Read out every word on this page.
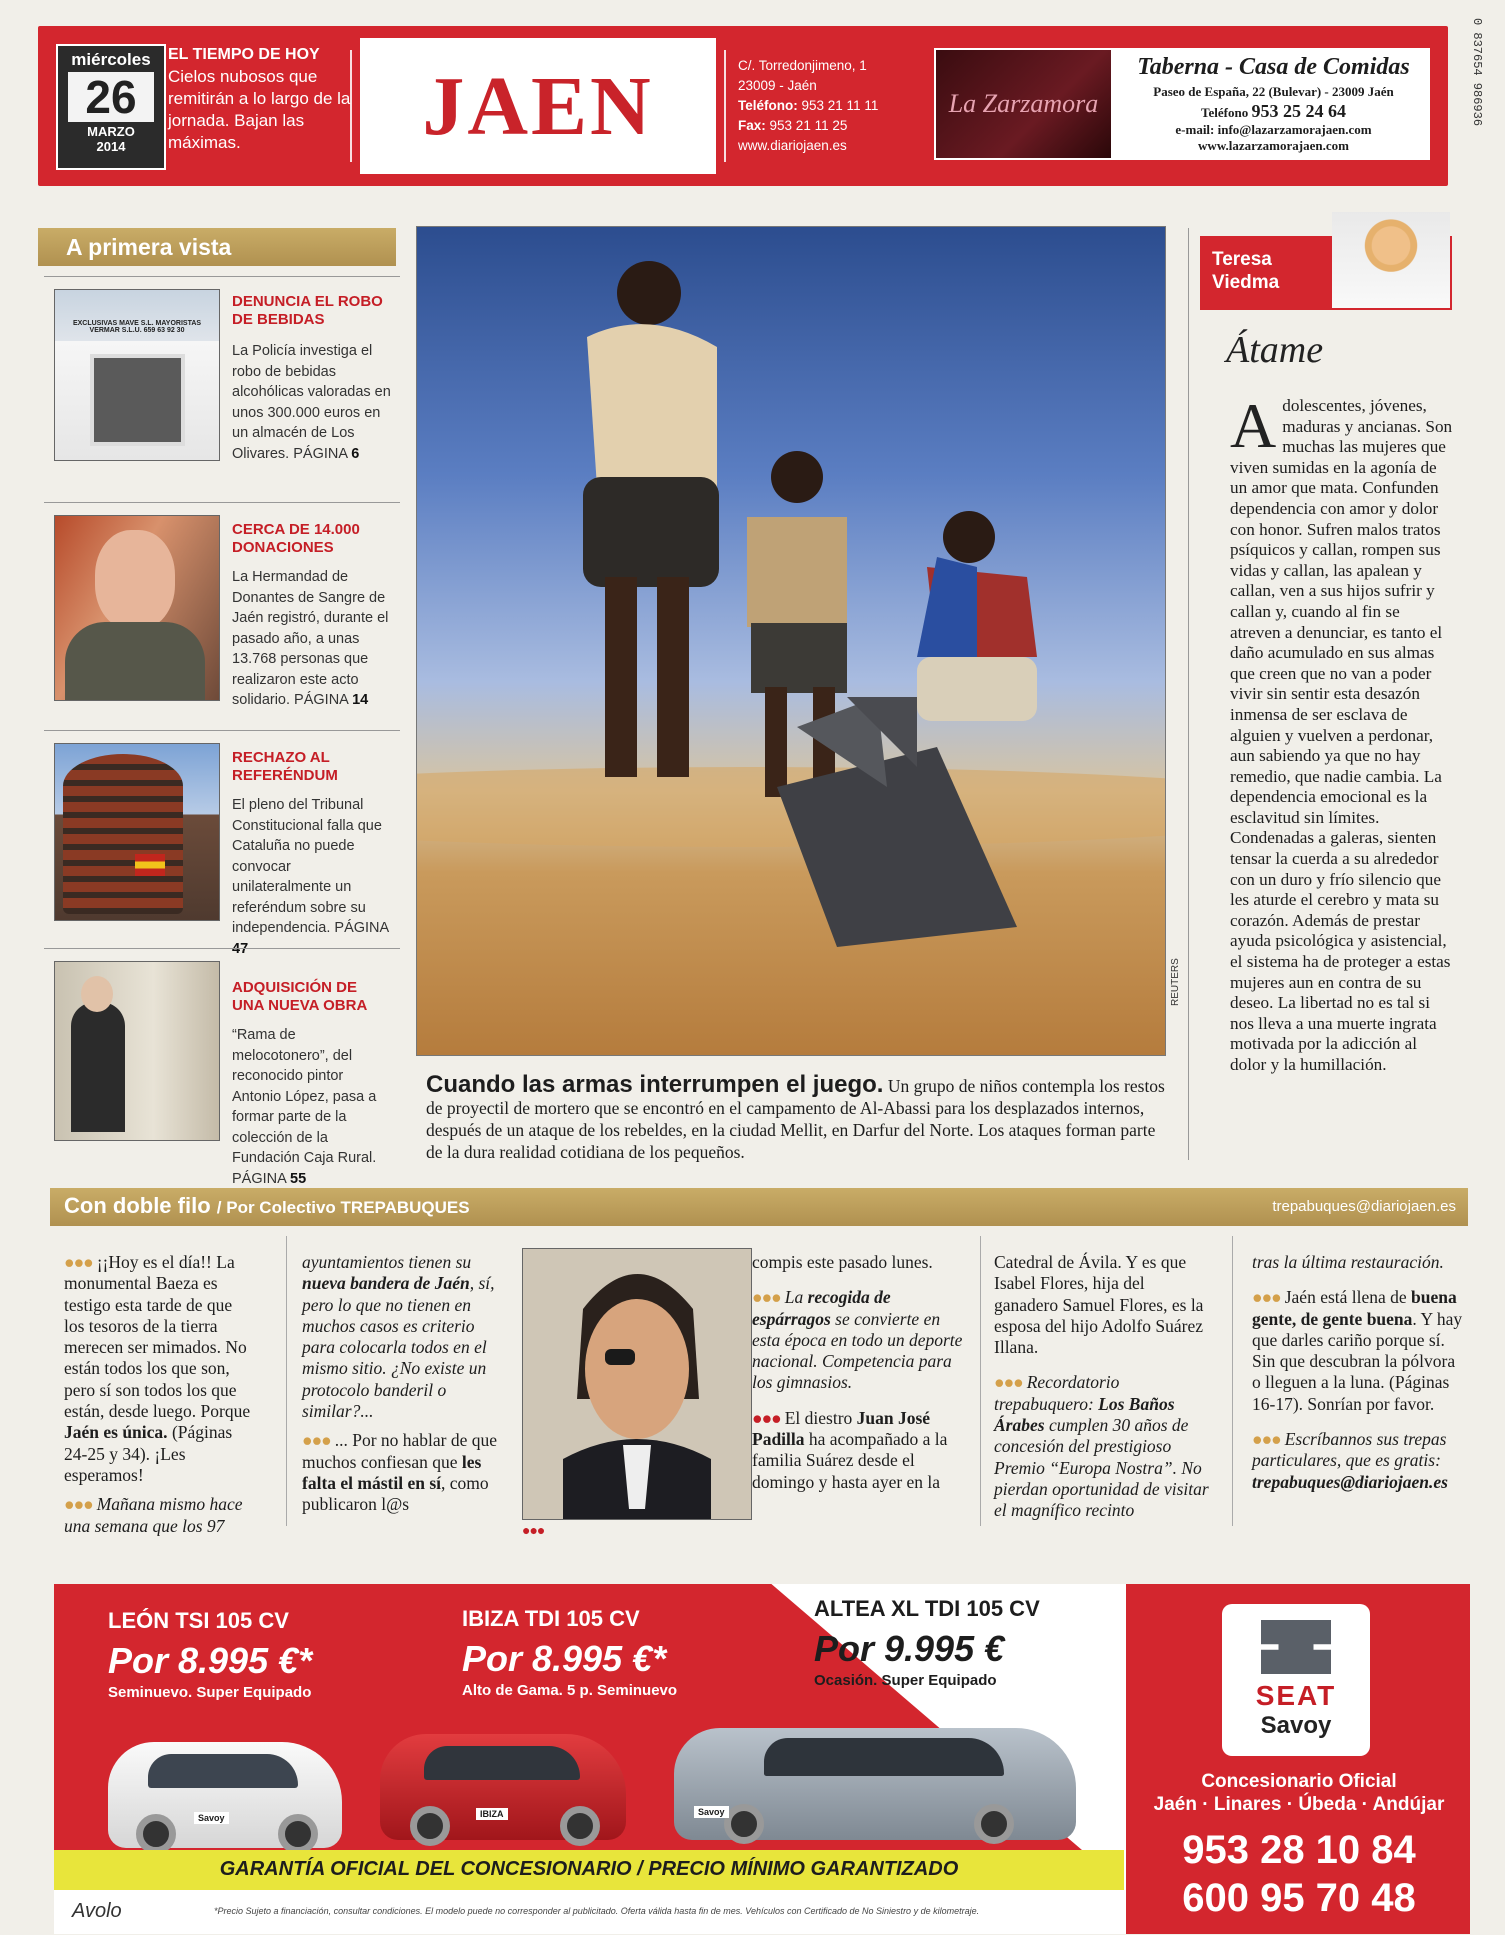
miércoles
26
MARZO
2014
EL TIEMPO DE HOY
Cielos nubosos que remitirán a lo largo de la jornada. Bajan las máximas.	JAEN	C/. Torredonjimeno, 1
23009 - Jaén
Teléfono: 953 21 11 11
Fax: 953 21 11 25
www.diariojaen.es
La Zarzamora
Taberna - Casa de Comidas
Paseo de España, 22 (Bulevar) - 23009 Jaén
Teléfono 953 25 24 64
e-mail: info@lazarzamorajaen.com
www.lazarzamorajaen.com
0 837654 986936
A primera vista
EXCLUSIVAS MAVE S.L. MAYORISTAS VERMAR S.L.U. 659 63 92 30
DENUNCIA EL ROBO DE BEBIDAS
La Policía investiga el robo de bebidas alcohólicas valoradas en unos 300.000 euros en un almacén de Los Olivares. PÁGINA 6
CERCA DE 14.000 DONACIONES
La Hermandad de Donantes de Sangre de Jaén registró, durante el pasado año, a unas 13.768 personas que realizaron este acto solidario. PÁGINA 14
RECHAZO AL REFERÉNDUM
El pleno del Tribunal Constitucional falla que Cataluña no puede convocar unilateralmente un referéndum sobre su independencia. PÁGINA 47
ADQUISICIÓN DE UNA NUEVA OBRA
“Rama de melocotonero”, del reconocido pintor Antonio López, pasa a formar parte de la colección de la Fundación Caja Rural. PÁGINA 55
REUTERS
Cuando las armas interrumpen el juego. Un grupo de niños contempla los restos de proyectil de mortero que se encontró en el campamento de Al-Abassi para los desplazados internos, después de un ataque de los rebeldes, en la ciudad Mellit, en Darfur del Norte. Los ataques forman parte de la dura realidad cotidiana de los pequeños.
Teresa Viedma
Átame
Adolescentes, jóvenes, maduras y ancianas. Son muchas las mujeres que viven sumidas en la agonía de un amor que mata. Confunden dependencia con amor y dolor con honor. Sufren malos tratos psíquicos y callan, rompen sus vidas y callan, las apalean y callan, ven a sus hijos sufrir y callan y, cuando al fin se atreven a denunciar, es tanto el daño acumulado en sus almas que creen que no van a poder vivir sin sentir esta desazón inmensa de ser esclava de alguien y vuelven a perdonar, aun sabiendo ya que no hay remedio, que nadie cambia. La dependencia emocional es la esclavitud sin límites. Condenadas a galeras, sienten tensar la cuerda a su alrededor con un duro y frío silencio que les aturde el cerebro y mata su corazón. Además de prestar ayuda psicológica y asistencial, el sistema ha de proteger a estas mujeres aun en contra de su deseo. La libertad no es tal si nos lleva a una muerte ingrata motivada por la adicción al dolor y la humillación.
Con doble filo / Por Colectivo TREPABUQUES	trepabuques@diariojaen.es

●●● ¡¡Hoy es el día!! La monumental Baeza es testigo esta tarde de que los tesoros de la tierra merecen ser mimados. No están todos los que son, pero sí son todos los que están, desde luego. Porque Jaén es única. (Páginas 24-25 y 34). ¡Les esperamos!

●●● Mañana mismo hace una semana que los 97

ayuntamientos tienen su nueva bandera de Jaén, sí, pero lo que no tienen en muchos casos es criterio para colocarla todos en el mismo sitio. ¿No existe un protocolo banderil o similar?...

●●● ... Por no hablar de que muchos confiesan que les falta el mástil en sí, como publicaron l@s

●●●

compis este pasado lunes.

●●● La recogida de espárragos se convierte en esta época en todo un deporte nacional. Competencia para los gimnasios.

●●● El diestro Juan José Padilla ha acompañado a la familia Suárez desde el domingo y hasta ayer en la

Catedral de Ávila. Y es que Isabel Flores, hija del ganadero Samuel Flores, es la esposa del hijo Adolfo Suárez Illana.

●●● Recordatorio trepabuquero: Los Baños Árabes cumplen 30 años de concesión del prestigioso Premio “Europa Nostra”. No pierdan oportunidad de visitar el magnífico recinto

tras la última restauración.

●●● Jaén está llena de buena gente, de gente buena. Y hay que darles cariño porque sí. Sin que descubran la pólvora o lleguen a la luna. (Páginas 16-17). Sonrían por favor.

●●● Escríbannos sus trepas particulares, que es gratis: trepabuques@diariojaen.es

LEÓN TSI 105 CV
Por 8.995 €*
Seminuevo. Super Equipado
IBIZA TDI 105 CV
Por 8.995 €*
Alto de Gama. 5 p. Seminuevo
ALTEA XL TDI 105 CV
Por 9.995 €
Ocasión. Super Equipado
Savoy	IBIZA	Savoy
GARANTÍA OFICIAL DEL CONCESIONARIO / PRECIO MÍNIMO GARANTIZADO
SEAT
Savoy
Concesionario Oficial
Jaén · Linares · Úbeda · Andújar
953 28 10 84
600 95 70 48
Avolo	*Precio Sujeto a financiación, consultar condiciones. El modelo puede no corresponder al publicitado. Oferta válida hasta fin de mes. Vehículos con Certificado de No Siniestro y de kilometraje.
